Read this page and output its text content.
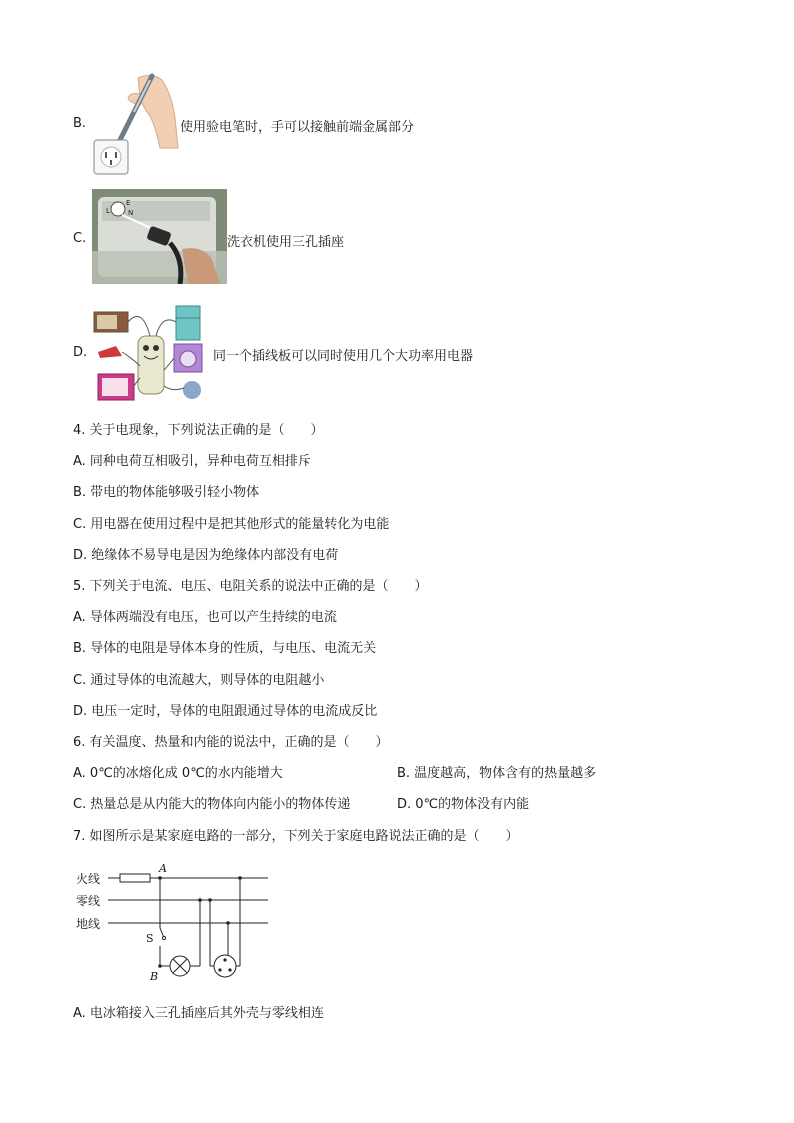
B.	使用验电笔时，手可以接触前端金属部分
C.
L
E
N
洗衣机使用三孔插座
D.	同一个插线板可以同时使用几个大功率用电器
4. 关于电现象，下列说法正确的是（　　）
A. 同种电荷互相吸引，异种电荷互相排斥
B. 带电的物体能够吸引轻小物体
C. 用电器在使用过程中是把其他形式的能量转化为电能
D. 绝缘体不易导电是因为绝缘体内部没有电荷
5. 下列关于电流、电压、电阻关系的说法中正确的是（　　）
A. 导体两端没有电压，也可以产生持续的电流
B. 导体的电阻是导体本身的性质，与电压、电流无关
C. 通过导体的电流越大，则导体的电阻越小
D. 电压一定时，导体的电阻跟通过导体的电流成反比
6. 有关温度、热量和内能的说法中，正确的是（　　）
A. 0℃的冰熔化成 0℃的水内能增大	B. 温度越高，物体含有的热量越多
C. 热量总是从内能大的物体向内能小的物体传递	D. 0℃的物体没有内能
7. 如图所示是某家庭电路的一部分，下列关于家庭电路说法正确的是（　　）
火线
零线
地线
A
S
B
A. 电冰箱接入三孔插座后其外壳与零线相连
